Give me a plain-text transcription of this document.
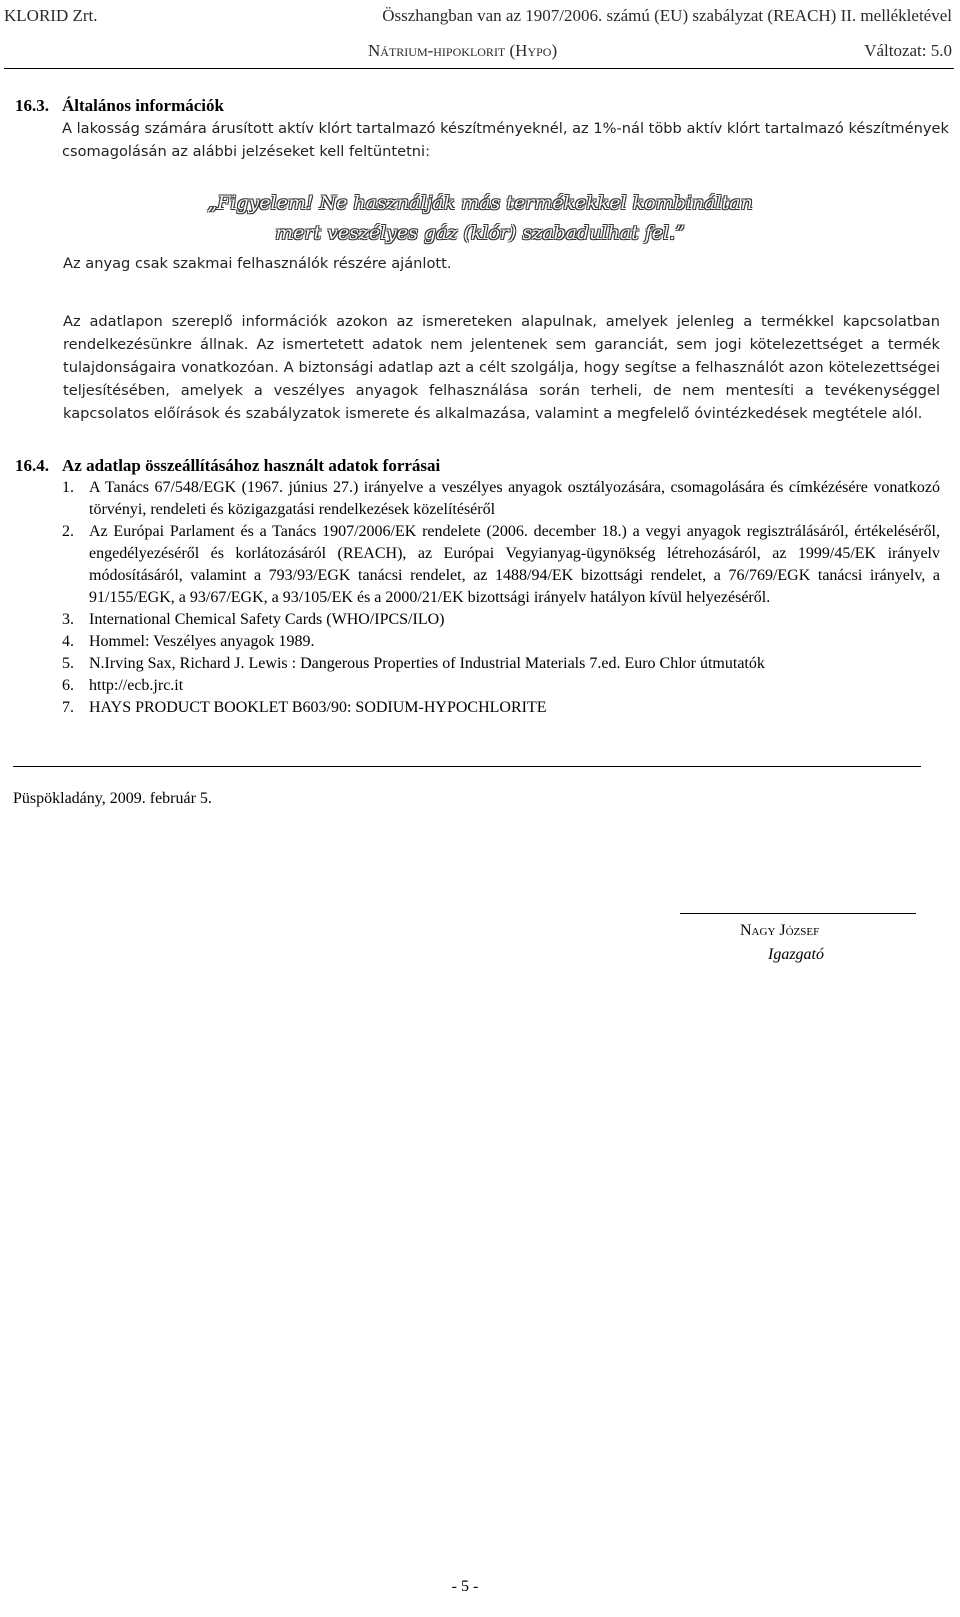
KLORID Zrt.	Összhangban van az 1907/2006. számú (EU) szabályzat (REACH) II. mellékletével
Nátrium-hipoklorit (Hypo)	Változat: 5.0
16.3. Általános információk
A lakosság számára árusított aktív klórt tartalmazó készítményeknél, az 1%-nál több aktív klórt tartalmazó készítmények csomagolásán az alábbi jelzéseket kell feltüntetni:
„Figyelem! Ne használják más termékekkel kombináltan
mert veszélyes gáz (klór) szabadulhat fel.”
Az anyag csak szakmai felhasználók részére ajánlott.
Az adatlapon szereplő információk azokon az ismereteken alapulnak, amelyek jelenleg a termékkel kapcsolatban rendelkezésünkre állnak. Az ismertetett adatok nem jelentenek sem garanciát, sem jogi kötelezettséget a termék tulajdonságaira vonatkozóan. A biztonsági adatlap azt a célt szolgálja, hogy segítse a felhasználót azon kötelezettségei teljesítésében, amelyek a veszélyes anyagok felhasználása során terheli, de nem mentesíti a tevékenységgel kapcsolatos előírások és szabályzatok ismerete és alkalmazása, valamint a megfelelő óvintézkedések megtétele alól.
16.4. Az adatlap összeállításához használt adatok forrásai
1. A Tanács 67/548/EGK (1967. június 27.) irányelve a veszélyes anyagok osztályozására, csomagolására és címkézésére vonatkozó törvényi, rendeleti és közigazgatási rendelkezések közelítéséről
2. Az Európai Parlament és a Tanács 1907/2006/EK rendelete (2006. december 18.) a vegyi anyagok regisztrálásáról, értékeléséről, engedélyezéséről és korlátozásáról (REACH), az Európai Vegyianyag-ügynökség létrehozásáról, az 1999/45/EK irányelv módosításáról, valamint a 793/93/EGK tanácsi rendelet, az 1488/94/EK bizottsági rendelet, a 76/769/EGK tanácsi irányelv, a 91/155/EGK, a 93/67/EGK, a 93/105/EK és a 2000/21/EK bizottsági irányelv hatályon kívül helyezéséről.
3. International Chemical Safety Cards (WHO/IPCS/ILO)
4. Hommel: Veszélyes anyagok 1989.
5. N.Irving Sax, Richard J. Lewis : Dangerous Properties of Industrial Materials 7.ed. Euro Chlor útmutatók
6. http://ecb.jrc.it
7. HAYS PRODUCT BOOKLET B603/90: SODIUM-HYPOCHLORITE
Püspökladány, 2009. február 5.
Nagy József
Igazgató
- 5 -
